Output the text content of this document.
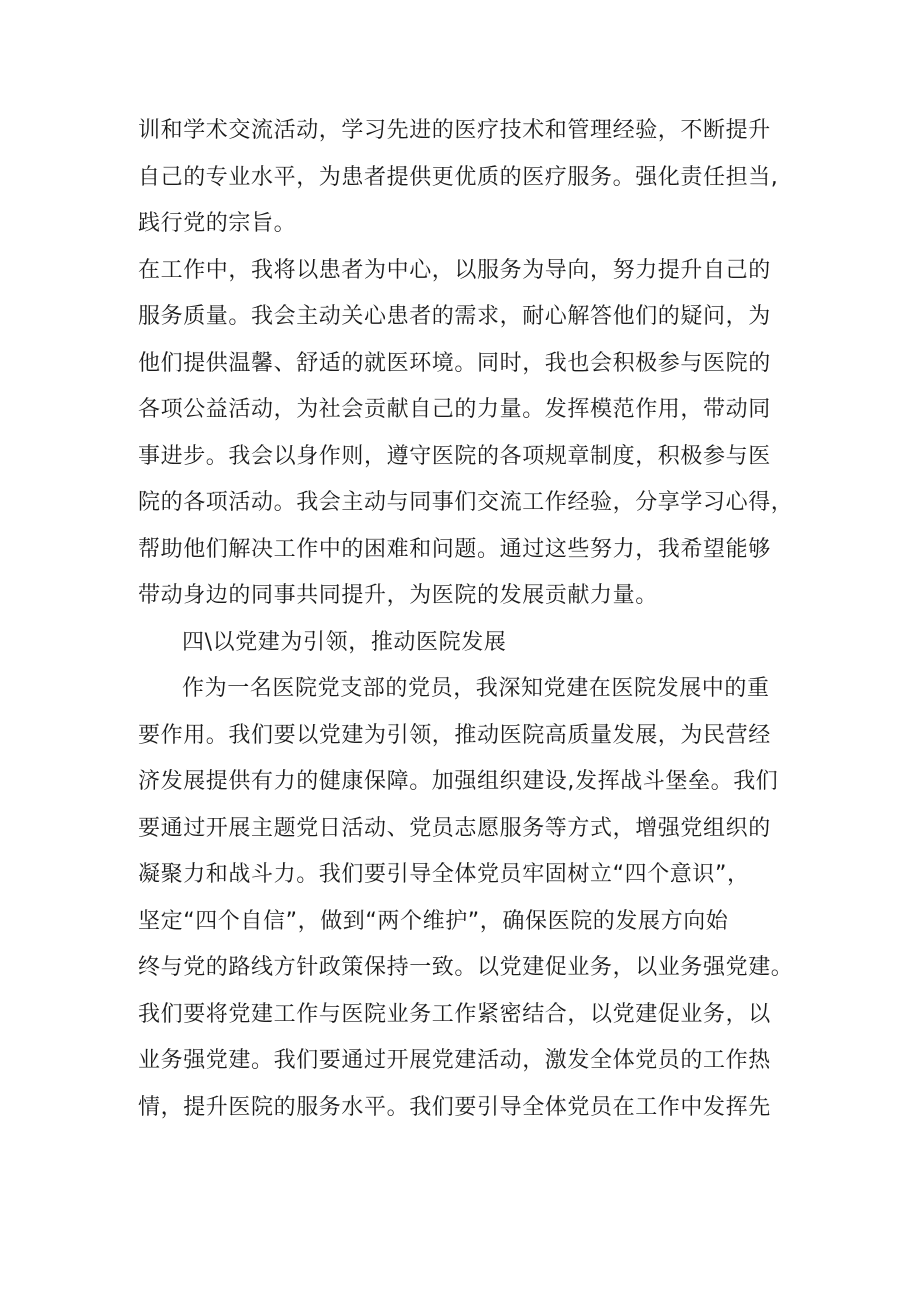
训和学术交流活动，学习先进的医疗技术和管理经验，不断提升
自己的专业水平，为患者提供更优质的医疗服务。强化责任担当,
践行党的宗旨。
在工作中，我将以患者为中心，以服务为导向，努力提升自己的
服务质量。我会主动关心患者的需求，耐心解答他们的疑问，为
他们提供温馨、舒适的就医环境。同时，我也会积极参与医院的
各项公益活动，为社会贡献自己的力量。发挥模范作用，带动同
事进步。我会以身作则，遵守医院的各项规章制度，积极参与医
院的各项活动。我会主动与同事们交流工作经验，分享学习心得，
帮助他们解决工作中的困难和问题。通过这些努力，我希望能够
带动身边的同事共同提升，为医院的发展贡献力量。
四\以党建为引领，推动医院发展
作为一名医院党支部的党员，我深知党建在医院发展中的重
要作用。我们要以党建为引领，推动医院高质量发展，为民营经
济发展提供有力的健康保障。加强组织建设,发挥战斗堡垒。我们
要通过开展主题党日活动、党员志愿服务等方式，增强党组织的
凝聚力和战斗力。我们要引导全体党员牢固树立“四个意识”，
坚定“四个自信”，做到“两个维护”，确保医院的发展方向始
终与党的路线方针政策保持一致。以党建促业务，以业务强党建。
我们要将党建工作与医院业务工作紧密结合，以党建促业务，以
业务强党建。我们要通过开展党建活动，激发全体党员的工作热
情，提升医院的服务水平。我们要引导全体党员在工作中发挥先
